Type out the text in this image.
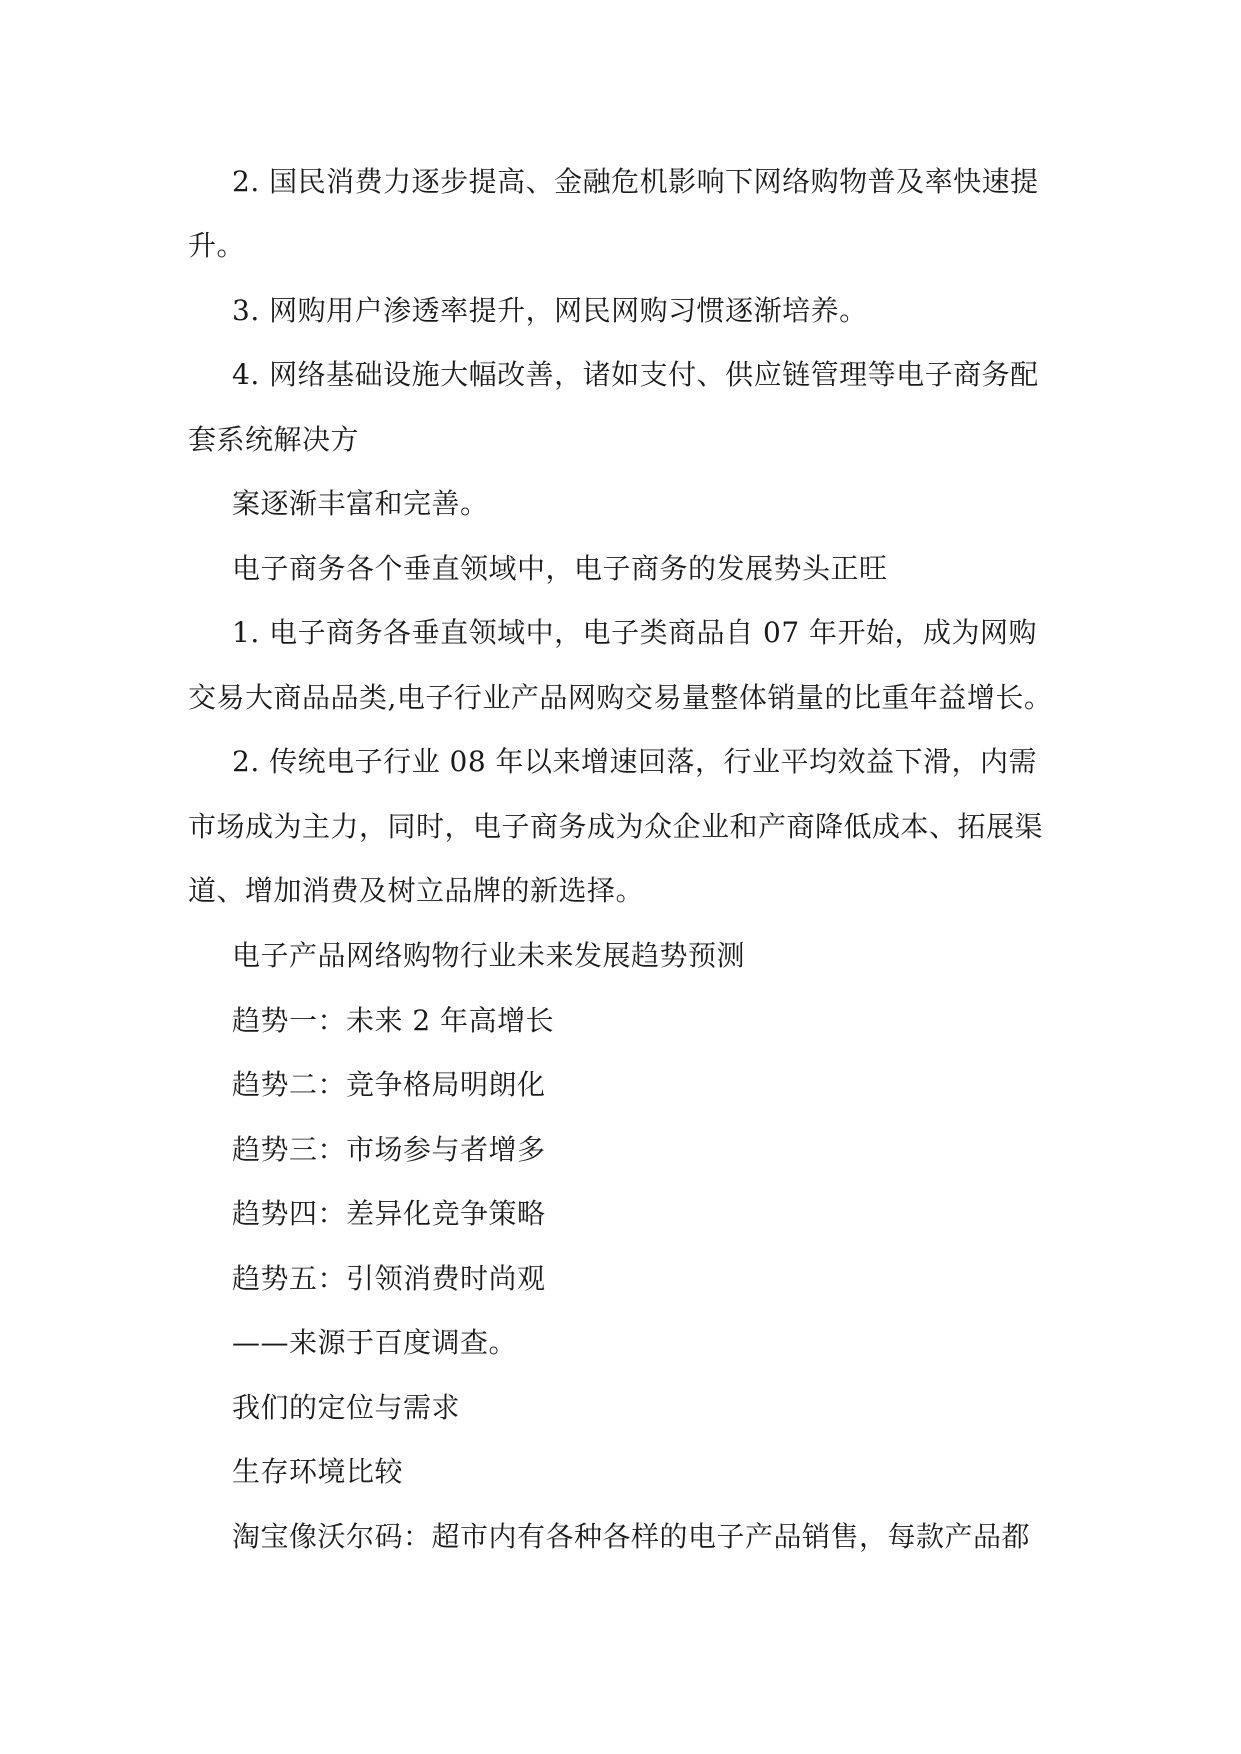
2. 国民消费力逐步提高、金融危机影响下网络购物普及率快速提
升。
3. 网购用户渗透率提升，网民网购习惯逐渐培养。
4. 网络基础设施大幅改善，诸如支付、供应链管理等电子商务配
套系统解决方
案逐渐丰富和完善。
电子商务各个垂直领域中，电子商务的发展势头正旺
1. 电子商务各垂直领域中，电子类商品自 07 年开始，成为网购
交易大商品品类,电子行业产品网购交易量整体销量的比重年益增长。
2. 传统电子行业 08 年以来增速回落，行业平均效益下滑，内需
市场成为主力，同时，电子商务成为众企业和产商降低成本、拓展渠
道、增加消费及树立品牌的新选择。
电子产品网络购物行业未来发展趋势预测
趋势一：未来 2 年高增长
趋势二：竞争格局明朗化
趋势三：市场参与者增多
趋势四：差异化竞争策略
趋势五：引领消费时尚观
——来源于百度调查。
我们的定位与需求
生存环境比较
淘宝像沃尔码：超市内有各种各样的电子产品销售，每款产品都
